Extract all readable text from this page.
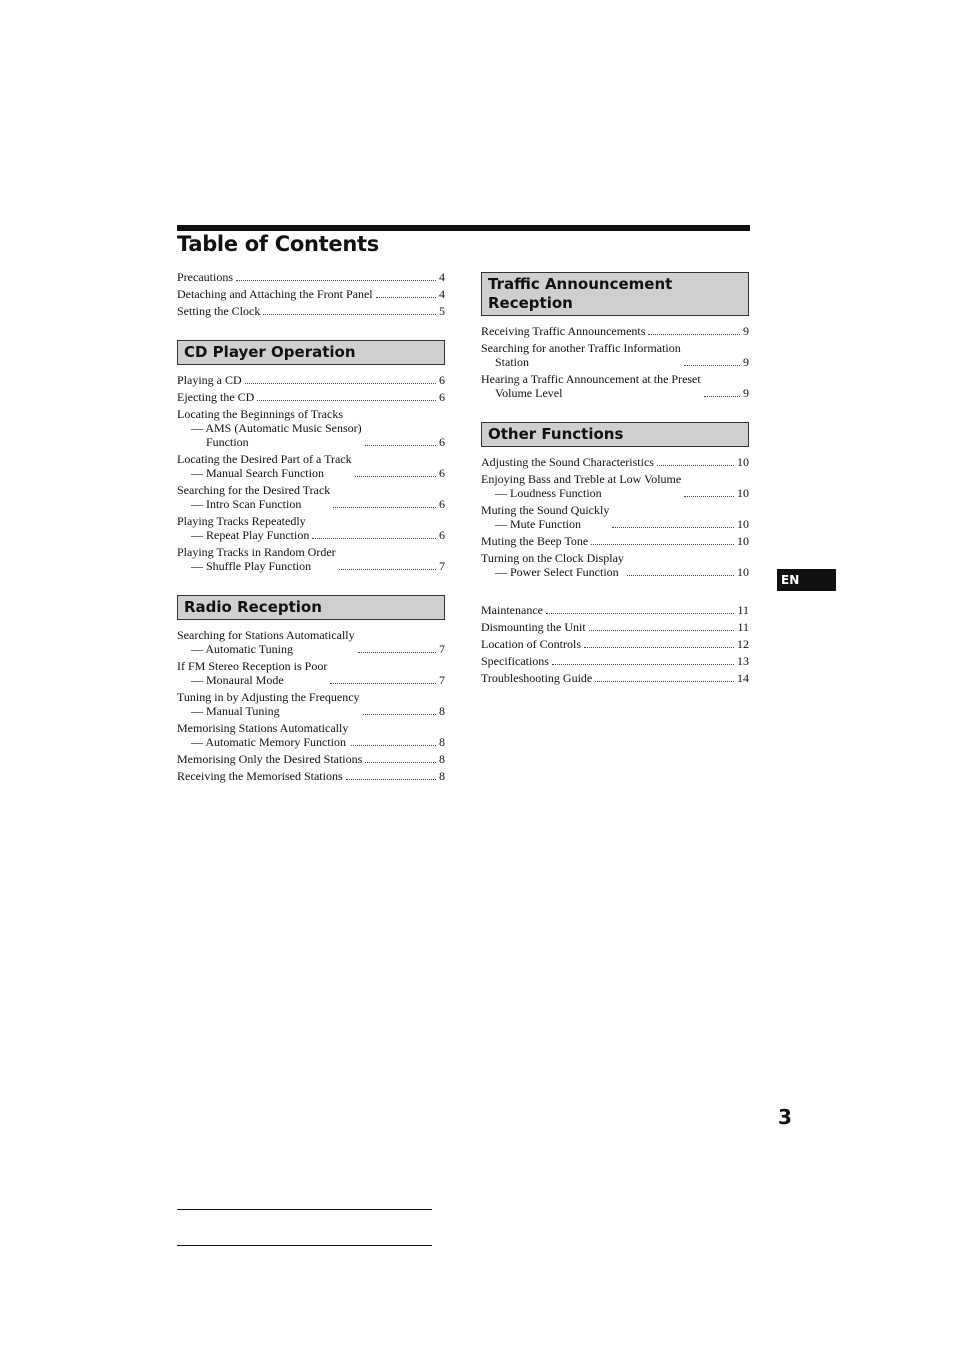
Table of Contents
Precautions	4
Detaching and Attaching the Front Panel	4
Setting the Clock	5
CD Player Operation
Playing a CD	6
Ejecting the CD	6
Locating the Beginnings of Tracks
— AMS (Automatic Music Sensor)
Function	6
Locating the Desired Part of a Track
— Manual Search Function	6
Searching for the Desired Track
— Intro Scan Function	6
Playing Tracks Repeatedly
— Repeat Play Function	6
Playing Tracks in Random Order
— Shuffle Play Function	7
Radio Reception
Searching for Stations Automatically
— Automatic Tuning	7
If FM Stereo Reception is Poor
— Monaural Mode	7
Tuning in by Adjusting the Frequency
— Manual Tuning	8
Memorising Stations Automatically
— Automatic Memory Function	8
Memorising Only the Desired Stations	8
Receiving the Memorised Stations	8
Traffic Announcement
Reception
Receiving Traffic Announcements	9
Searching for another Traffic Information
Station	9
Hearing a Traffic Announcement at the Preset
Volume Level	9
Other Functions
Adjusting the Sound Characteristics	10
Enjoying Bass and Treble at Low Volume
— Loudness Function	10
Muting the Sound Quickly
— Mute Function	10
Muting the Beep Tone	10
Turning on the Clock Display
— Power Select Function	10
Maintenance	11
Dismounting the Unit	11
Location of Controls	12
Specifications	13
Troubleshooting Guide	14
EN
3
